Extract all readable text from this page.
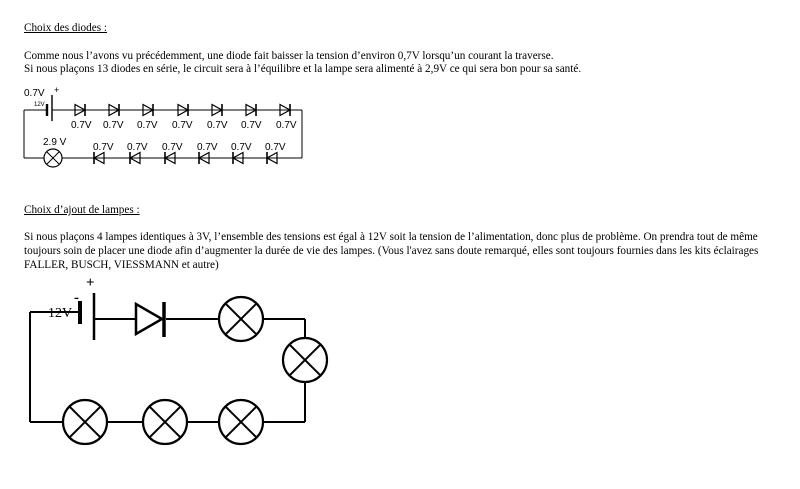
Choix des diodes :
Comme nous l’avons vu précédemment, une diode fait baisser la tension d’environ 0,7V lorsqu’un courant la traverse.
Si nous plaçons 13 diodes en série, le circuit sera à l’équilibre et la lampe sera alimenté à 2,9V ce qui sera bon pour sa santé.
0.7V +
12V
0.7V 0.7V 0.7V 0.7V 0.7V 0.7V 0.7V
2.9 V	0.7V 0.7V 0.7V 0.7V 0.7V 0.7V
Choix d’ajout de lampes :
Si nous plaçons 4 lampes identiques à 3V, l’ensemble des tensions est égal à 12V soit la tension de l’alimentation, donc plus de problème. On prendra tout de même toujours soin de placer une diode afin d’augmenter la durée de vie des lampes. (Vous l'avez sans doute remarqué, elles sont toujours fournies dans les kits éclairages FALLER, BUSCH, VIESSMANN et autre)
12V
+
-
